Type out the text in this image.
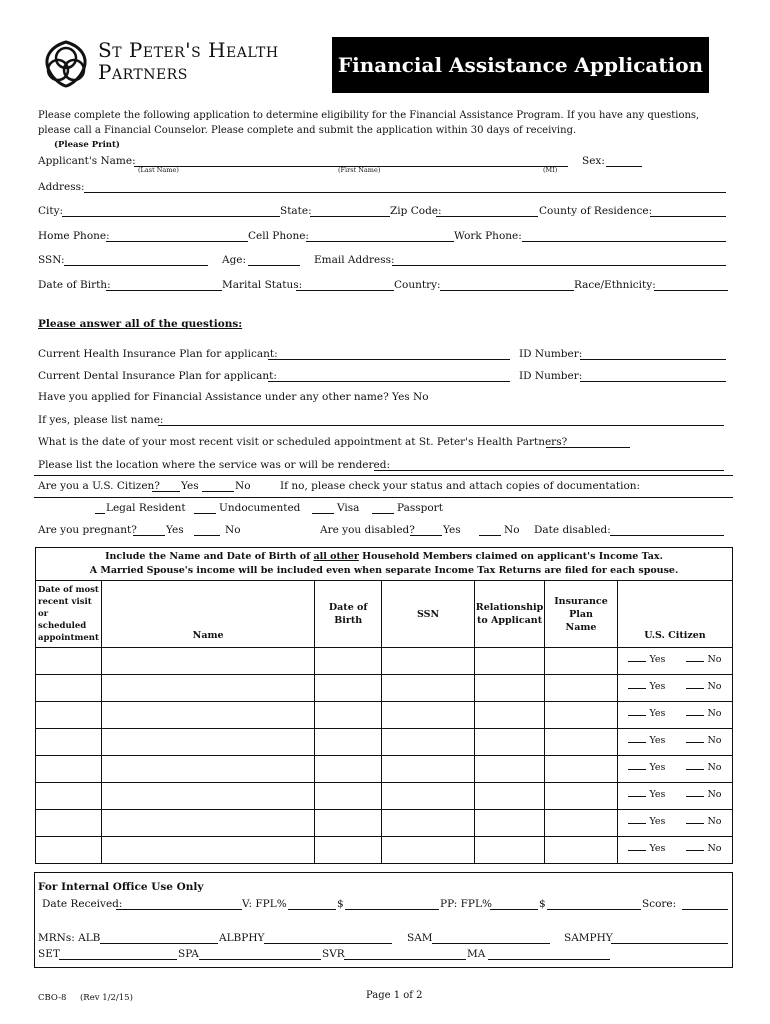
St Peter's Health
Partners	Financial Assistance Application
Please complete the following application to determine eligibility for the Financial Assistance Program. If you have any questions,
please call a Financial Counselor. Please complete and submit the application within 30 days of receiving.
(Please Print)
Applicant's Name:
(Last Name)	(First Name)	(MI)
Sex:
Address:
City:	State:	Zip Code:	County of Residence:
Home Phone:	Cell Phone:	Work Phone:
SSN:	Age:	Email Address:
Date of Birth:	Marital Status:	Country:	Race/Ethnicity:
Please answer all of the questions:
Current Health Insurance Plan for applicant:	ID Number:
Current Dental Insurance Plan for applicant:	ID Number:
Have you applied for Financial Assistance under any other name? Yes No
If yes, please list name:
What is the date of your most recent visit or scheduled appointment at St. Peter's Health Partners?
Please list the location where the service was or will be rendered:
Are you a U.S. Citizen? Yes	No	If no, please check your status and attach copies of documentation:
Legal Resident	Undocumented	Visa	Passport
Are you pregnant?	Yes	No	Are you disabled?	Yes	No Date disabled:
Include the Name and Date of Birth of all other Household Members claimed on applicant's Income Tax.
A Married Spouse's income will be included even when separate Income Tax Returns are filed for each spouse.						
Date of most recent visit or scheduled appointment	Name	Date of Birth	SSN	Relationship to Applicant	Insurance Plan Name	U.S. Citizen

						Yes No

						Yes No

						Yes No

						Yes No

						Yes No

						Yes No

						Yes No

						Yes No
For Internal Office Use Only
Date Received:	V: FPL%	$	PP: FPL%	$	Score:
MRNs: ALB	ALBPHY	SAM	SAMPHY
SET	SPA	SVR	MA
CBO-8     (Rev 1/2/15)	Page 1 of 2
